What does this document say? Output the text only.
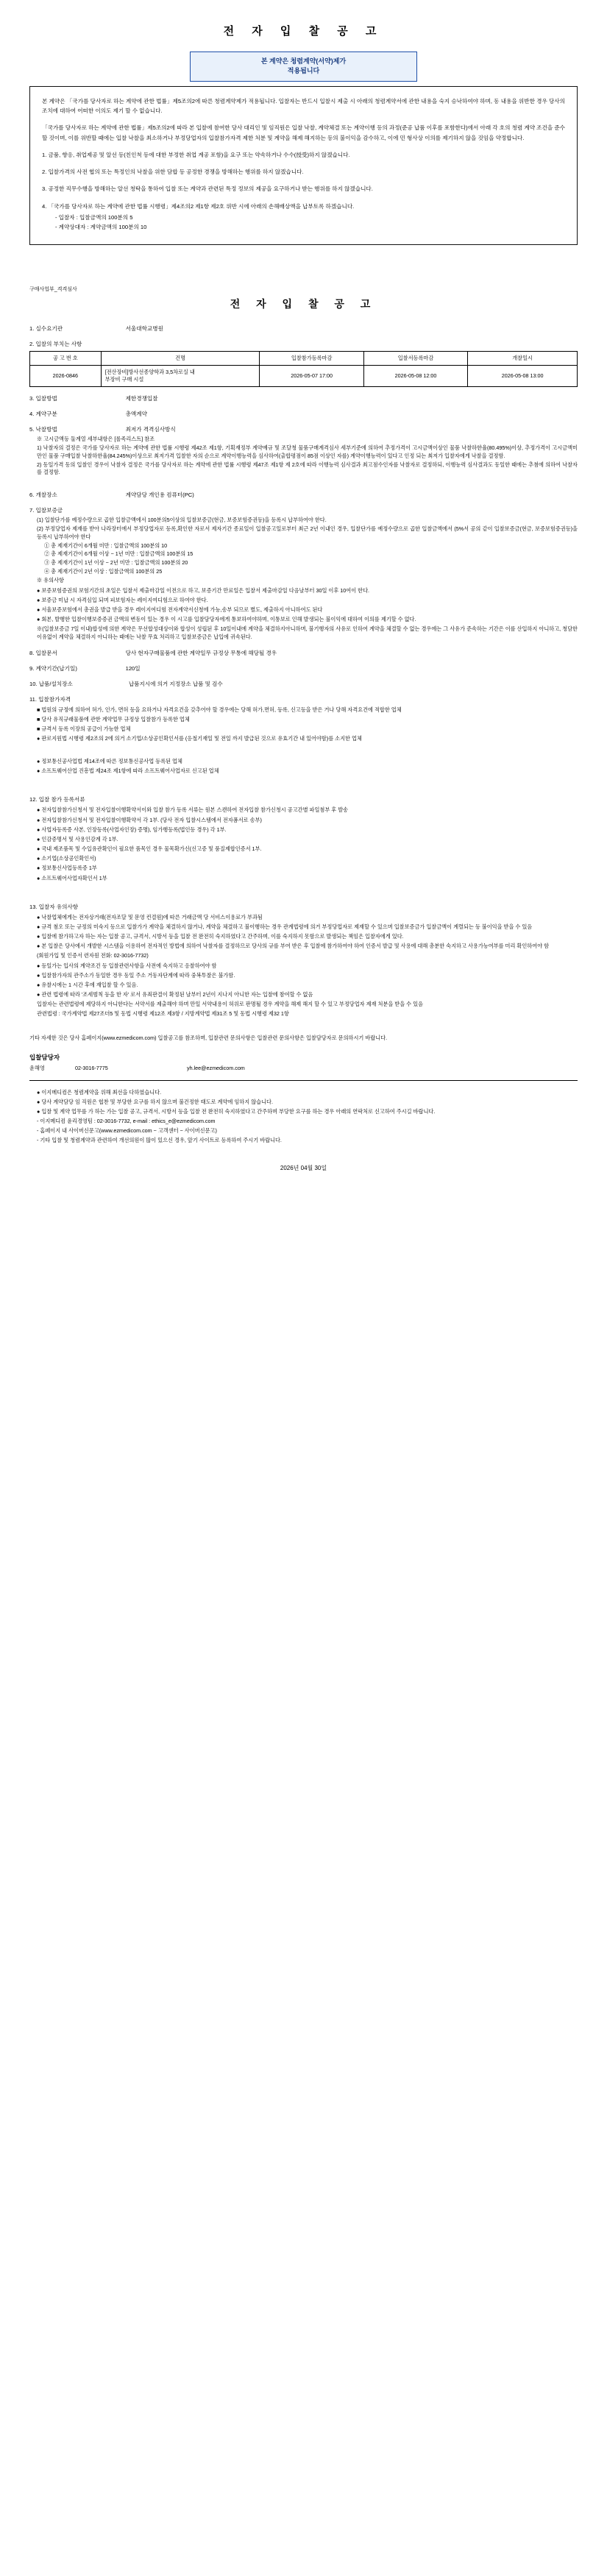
전 자 입 찰 공 고
본 계약은 청렴계약(서약)제가
적용됩니다

본 계약은 「국가를 당사자로 하는 계약에 관한 법률」제5조의2에 따른 청렴계약제가 적용됩니다. 입찰자는 반드시 입찰시 제출 시 아래의 청렴계약서에 관한 내용을 숙지 승낙하여야 하며, 동 내용을 위반한 경우 당사의 조치에 대하여 어떠한 이의도 제기 할 수 없습니다.

「국가를 당사자로 하는 계약에 관한 법률」제5조의2에 따라 본 입찰에 참여한 당사 대리인 및 임직원은 입찰 낙찰, 계약체결 또는 계약이행 등의 과정(준공 납품 이후를 포함한다)에서 아래 각 호의 청렴 계약 조건을 준수할 것이며, 이를 위반할 때에는 입찰 낙찰을 최소하거나 부정당업자의 입찰참가자격 제한 처분 및 계약을 해제 해지하는 등의 불이익을 감수하고, 이에 민 형사상 이의를 제기하지 않을 것임을 약정합니다.

1. 금품, 향응, 취업제공 및 알선 등(친인척 등에 대한 부정한 취업 계공 포함)을 요구 또는 약속하거나 수수(授受)하지 않겠습니다.

2. 입찰가격의 사전 협의 또는 특정인의 낙찰을 위한 담합 등 공정한 경쟁을 방해하는 행위를 하지 않겠습니다.

3. 공정한 직무수행을 방해하는 알선 청탁을 통하여 입찰 또는 계약과 관련된 특정 정보의 제공을 요구하거나 받는 행위를 하지 않겠습니다.

4. 「국가를 당사자로 하는 계약에 관한 법률 시행령」제4조의2 제1항 제2호 위반 시에 아래의 손해배상액을 납부토록 하겠습니다.

- 입찰자 : 입찰금액의 100분의 5

- 계약상대자 : 계약금액의 100분의 10

구매사업부_격격심사
전 자 입 찰 공 고
1. 실수요기관	서울대학교병원
2. 입찰의 부치는 사항
공 고 번 호	건명	입찰참가등록마감	입찰서등록마감	개찰일시
2026-0846	[전산장비]방사선종양학과 3,5차로실 내
부장비 구매 시설	2026-05-07 17:00	2026-05-08 12:00	2026-05-08 13:00
3. 입찰방법	제한경쟁입찰
4. 계약구분	총액계약
5. 낙찰방법	최저가 격격심사방식
※ 고시금액등 둘계열 세부내항은 [롤족리스트] 참조
1) 낙찰자의 결정은 국가를 당사자로 하는 계약에 관한 법률 시행령 제42조 제1항, 기획재정부 계약예규 및 조달청 물품구매계격심사 세부기준에 의하여 추정가격이 고시금액이상인 물품 낙찰하한율(80.495%)이상, 추정가격이 고시금액미만인 물품 구매입찰 낙찰하한율(84.245%)이상으로 최저가격 입찰한 자의 순으로 계약이행능력을 심사하여(출합평점이 85점 이상인 자를) 계약이행능력이 있다고 인정 되는 최저가 입찰자에게 낙찰을 결정함.
2) 동일가격 동의 입찰인 경우이 낙찰자 결정은 국가를 당사자로 하는 계약에 관한 법률 시행령 제47조 제1항 제 2호에 따라 이행능력 심사결과 최고점수인자를 낙찰자로 결정하되, 이행능력 심사결과도 동일한 때에는 추첨에 의하여 낙찰자를 결정함.
6. 개찰장소	계약담당 개인용 컴퓨터(PC)
7. 입찰보증금
(1) 입찰단가를 예정수량으로 곱한 입찰금액에서 100분의5이상의 입찰보증금(현금, 보증보험증권등)을 등록시 납부하여야 한다.
(2) 부정당업자 제재를 받아 나라장터에서 부정당업자로 등록,확인한 자로서 제자기간 종료일이 입찰공고일로부터 최근 2년 이내인 경우, 입찰단가를 예정수량으로 곱한 입찰금액에서 (5%서 공의 같이 입찰보증금(현금, 보증보험증권등)을 등록시 납부하여야 한다
① 총 제재기간이 6개월 미만 : 입찰금액의 100분의 10
② 총 제재기간이 6개월 이상 ~ 1년 미만 : 입찰금액의 100분의 15
③ 총 제재기간이 1년 이상 ~ 2년 미만 : 입찰금액의 100분의 20
④ 총 제재기간이 2년 이상 : 입찰금액의 100분의 25
※ 유의사항
● 보증보험증권의 보험기간의 초일은 입찰서 제출마감일 이전으로 하고, 보증기간 만료일은 입찰서 제출마감일 다음날부터 30일 이후 10여이 한다.
● 보증금 미납 시 자격심입 되며 피보험자는 레이지여디험으로 하여야 한다.
● 서울보증보험에서 총권을 발급 받을 경우 레이지여디험 전자계약서신청에 가능,송부 되므로 별도, 제출하지 아니하여도 된다
● 회본, 발행한 입찰이행보증증권 금액의 변동이 있는 경우 이 시고를 입찰담당자에게 통보하여야하며, 이통보로 인해 발생되는 불이익에 대하여 이의를 제기할 수 없다.
※(입찰보증금 7일 이내)합성에 의한 계약은 무선합성대상이와 합성이 성립된 후 10일이내에 계약을 체결하지아니하며, 불기행자의 사유로 인하여 계약을 체결할 수 없는 경우에는 그 사유가 준속하는 기간은 이를 산입하지 아니하고, 청담한 이유없이 계약을 체결하지 아니하는 때에는 낙찰 무효 처리하고 입찰보증금은 납입에 귀속된다.
8. 입찰문서	당사 현자구매물품에 관한 계약일무 규정상 무통에 해당될 경우
9. 계약기간(납기일)	120일
10. 납품/설치장소	납품지시에 의거 지정장소 납품 및 검수
11. 입찰참가자격
■ 법원의 규정에 의하여 허가, 인가, 면허 등을 요하거나 자격요건을 갖추어야 할 경우에는 당해 허가,면허, 등록, 신고등을 받은 거나 당해 자격요건에 적합한 업체
■ 당사 유직규래물품에 관한 계약업무 규정상 입찰참가 등록한 업체
■ 규격서 등록 이장의 공급이 가능한 업체
● 판로지원법 시행령 제2조의 2에 의거 소기업/소상공인확인서를 (응철기재일 및 전일 까지 발급된 것으로 유효기간 내 있어야함)를 소지한 업체
● 정보통신공사업법 제14조에 따른 정보통신공사업 등록된 업체
● 소프트웨어산업 진흥법 제24조 제1항에 따라 소프트웨어사업자로 신고된 업체
12. 입찰 참가 등록서류
● 전자입찰참가신청서 및 전자입찰이행확약서이와 입찰 참가 등록 서류는 원본 스캔하여 전자입찰 참가신청시 공고간별 파일첨부 후 발송
● 전자입찰참가신청서 및 전자입찰이행확약서 각 1부. (당사 전자 입찰시스템에서 전자폼서로 송부)
● 사업자등록증 사본, 인장등록(사업자인장) 증명), 임가행등록(법인등 경우) 각 1부.
● 인감증명서 및 사용인감계 각 1부.
● 국내 제조품목 및 수입유관확인이 필요한 품목인 경우 물목확가신(신고증 및 품질제합인증서 1부.
● 소기업(소상공인확인서)
● 정보통신사업등록증 1부
● 소프트웨어사업자확인서 1부
13. 입찰자 유의사항
● 낙찰업체에게는 전자상거래(전자조달 및 문영 컨결원)에 따른 거래금액 당 서비스이용료가 부과됨
● 규격 첨오 또는 규정의 미숙지 등으로 입찰가가 계약을 체결하지 않거나, 계약을 체결하고 불이행하는 경우 관계법령에 의거 부정당업자로 제재할 수 있으며 입찰보증금가 입찰금액이 계렬되는 등 불이익을 받을 수 있음
● 입찰에 참가하고자 하는 자는 입찰 공고, 규격서, 시방서 등을 입찰 전 완전히 숙지하였다고 간주하며, 이를 숙지하지 못함으로 발생되는 책임은 입찰자에게 있다.
● 본 입찰은 당사에서 개발한 시스템을 이용하여 전자적인 방법에 의하여 낙찰자를 결정하므로 당사의 규를 부여 받은 후 입찰에 참가하여야 하여 인증서 발급 및 사용에 대해 총분한 숙지하고 사용가능여부를 미리 확인하여야 함
(회원가입 및 인증서 련자원 전화: 02-3016-7732)
● 등일가는 입사의 계약조건 등 입찰관련사항을 사전에 숙지하고 응찰하여야 함
● 입찰참가자의 관주소가 동일한 경우 동일 주소 거동자단계에 따라 중복투찰은 불가함.
● 유찰시에는 1 시간 후에 재입찰 할 수 있음.
● 관련 법령에 따라 '조세범칙 등을 한 자' 로서 유죄판결이 확정된 날부터 2년이 지나지 아니한 자는 입찰에 참여할 수 없음
입찰자는 관련법령에 제당하지 아니한다는 서약서를 제출해야 하며 만일 서약내용이 허위로 판명될 경우 계약을 해제 해지 할 수 있고 부정당업자 제재 처분을 받을 수 있음
관련법령 : 국가계약법 제27조더5 및 동법 시행령 제12조 제3항 / 지방계약법 제31조 5 및 동법 시행령 제32 1항
기타 자세한 것은 당사 홈페이지(www.ezmedicom.com) 입찰공고를 참조하며, 입찰관련 문의사항은 입찰관련 문의사항은 입찰담당자로 문의하시기 바랍니다.
입찰담당자
윤해영	02-3016-7775	yh.lee@ezmedicom.com
● 이지메디컴은 청렴계약을 위해 최선을 다하였습니다.
● 당사 계약담당 임 직원은 협찬 및 부당한 요구를 하지 않으며 불건정한 태도로 계약에 임하지 않습니다.
● 입찰 및 계약 업무를 가 하는 가는 입찰 공고, 규격서, 시방서 등을 입찰 전 완전히 숙지하였다고 간주하며 부당한 요구를 하는 경우 아래의 연락처로 신고하여 주시길 바랍니다.
- 이지메디컴 윤리경영팀 : 02-3016-7732, e-mail : ethics_e@ezmedicom.com
- 홈페이지 내 사이버신문고(www.ezmedicom.com ~ 고객센터 ~ 사이버신문고)
- 기타 입찰 및 청렴계약과 관련하여 개선의원이 많이 있으신 경우, 앞기 사이트로 등록하여 주시기 바랍니다.
2026년 04월 30일
